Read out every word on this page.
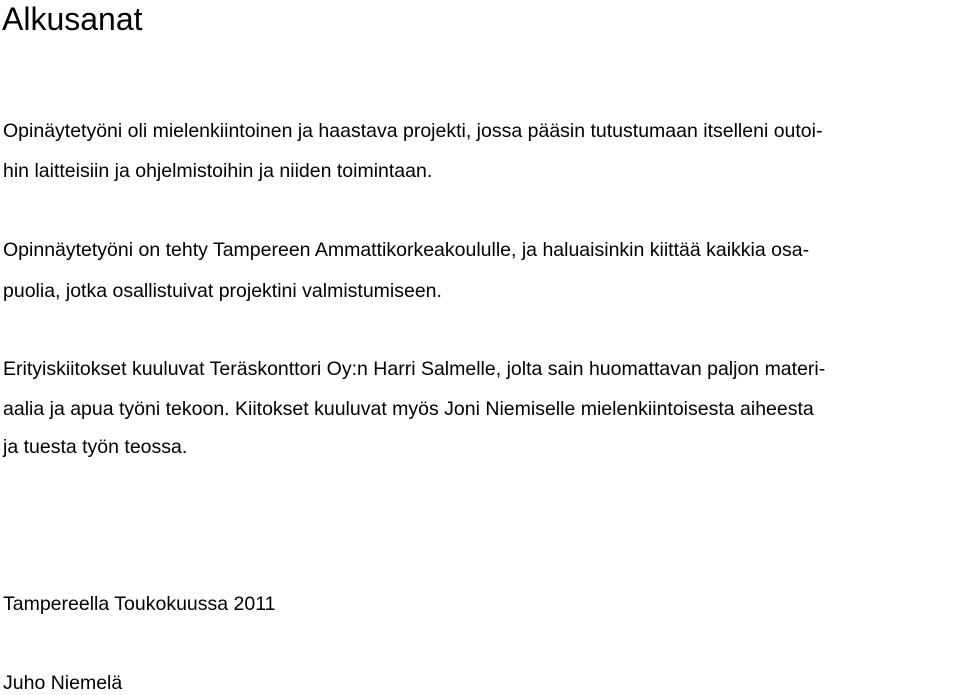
Alkusanat

Opinäytetyöni oli mielenkiintoinen ja haastava projekti, jossa pääsin tutustumaan itselleni outoi-

hin laitteisiin ja ohjelmistoihin ja niiden toimintaan.

Opinnäytetyöni on tehty Tampereen Ammattikorkeakoululle, ja haluaisinkin kiittää kaikkia osa-

puolia, jotka osallistuivat projektini valmistumiseen.

Erityiskiitokset kuuluvat Teräskonttori Oy:n Harri Salmelle, jolta sain huomattavan paljon materi-

aalia ja apua työni tekoon. Kiitokset kuuluvat myös Joni Niemiselle mielenkiintoisesta aiheesta

ja tuesta työn teossa.

Tampereella Toukokuussa 2011

Juho Niemelä
